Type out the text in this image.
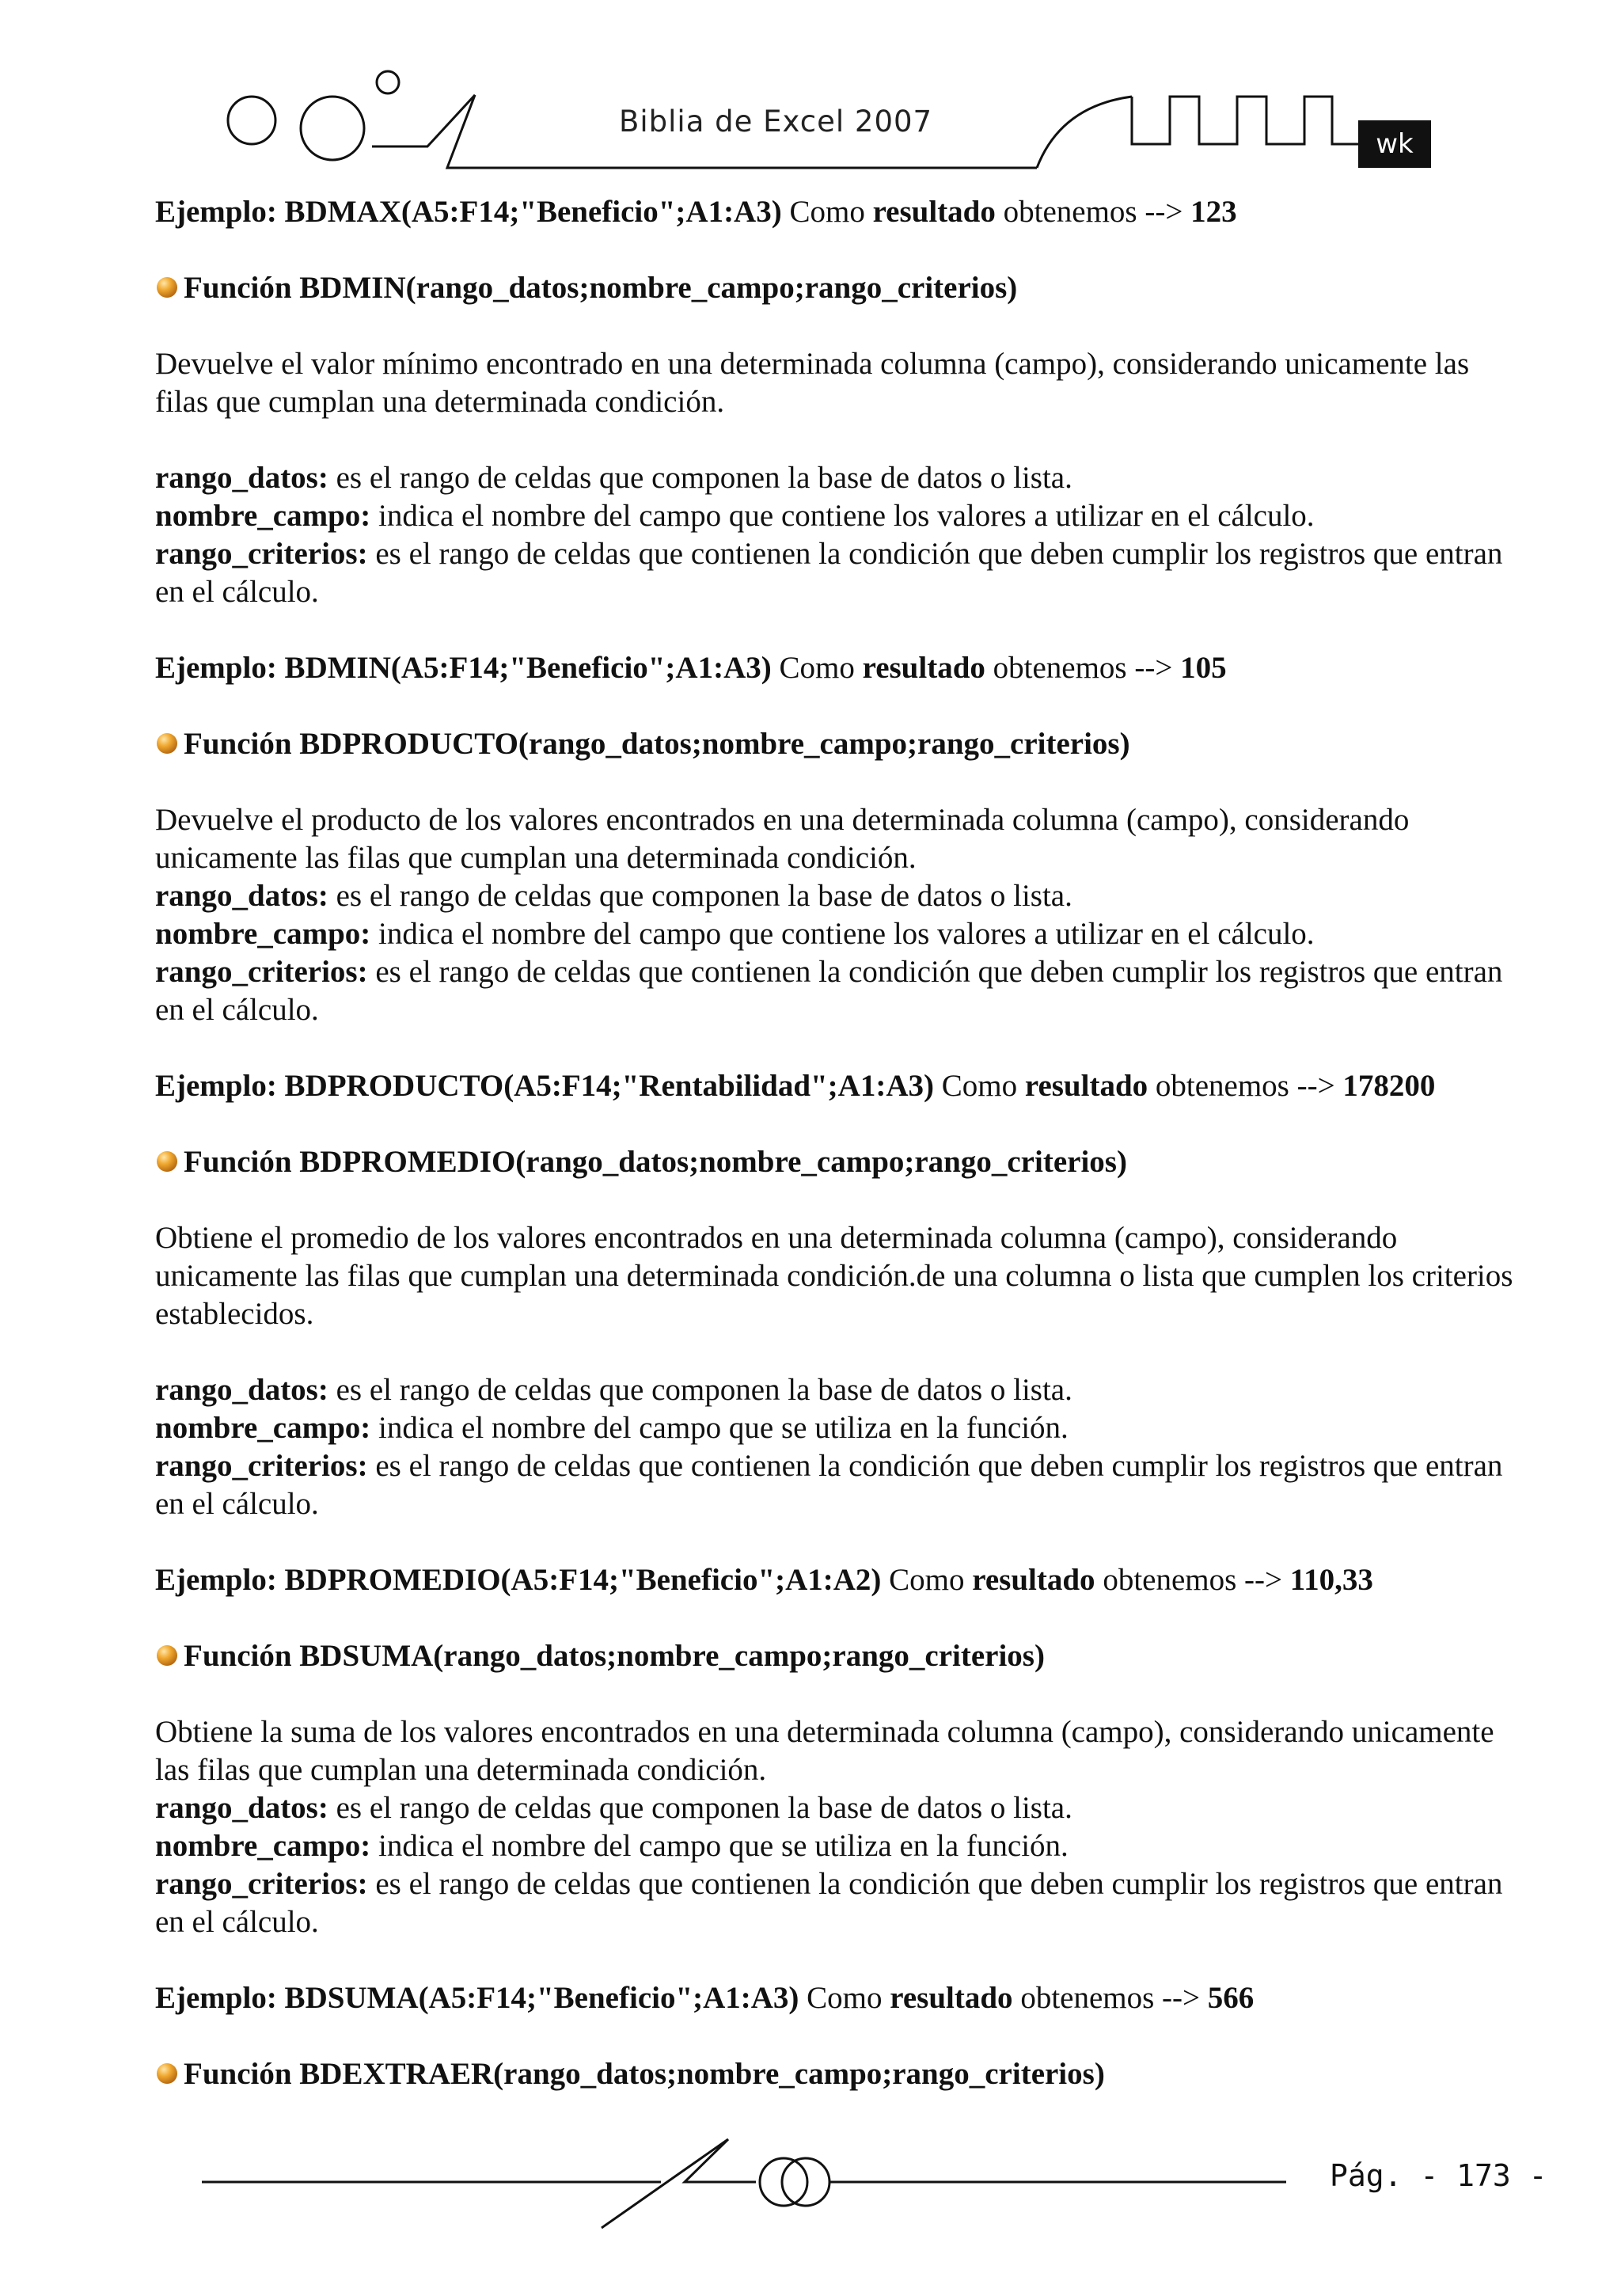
Biblia de Excel 2007
wk

Ejemplo: BDMAX(A5:F14;"Beneficio";A1:A3) Como resultado obtenemos --> 123

Función BDMIN(rango_datos;nombre_campo;rango_criterios)

Devuelve el valor mínimo encontrado en una determinada columna (campo), considerando unicamente las filas que cumplan una determinada condición.

rango_datos: es el rango de celdas que componen la base de datos o lista.

nombre_campo: indica el nombre del campo que contiene los valores a utilizar en el cálculo.

rango_criterios: es el rango de celdas que contienen la condición que deben cumplir los registros que entran en el cálculo.

Ejemplo: BDMIN(A5:F14;"Beneficio";A1:A3) Como resultado obtenemos --> 105

Función BDPRODUCTO(rango_datos;nombre_campo;rango_criterios)

Devuelve el producto de los valores encontrados en una determinada columna (campo), considerando unicamente las filas que cumplan una determinada condición.

rango_datos: es el rango de celdas que componen la base de datos o lista.

nombre_campo: indica el nombre del campo que contiene los valores a utilizar en el cálculo.

rango_criterios: es el rango de celdas que contienen la condición que deben cumplir los registros que entran en el cálculo.

Ejemplo: BDPRODUCTO(A5:F14;"Rentabilidad";A1:A3) Como resultado obtenemos --> 178200

Función BDPROMEDIO(rango_datos;nombre_campo;rango_criterios)

Obtiene el promedio de los valores encontrados en una determinada columna (campo), considerando unicamente las filas que cumplan una determinada condición.de una columna o lista que cumplen los criterios establecidos.

rango_datos: es el rango de celdas que componen la base de datos o lista.

nombre_campo: indica el nombre del campo que se utiliza en la función.

rango_criterios: es el rango de celdas que contienen la condición que deben cumplir los registros que entran en el cálculo.

Ejemplo: BDPROMEDIO(A5:F14;"Beneficio";A1:A2) Como resultado obtenemos --> 110,33

Función BDSUMA(rango_datos;nombre_campo;rango_criterios)

Obtiene la suma de los valores encontrados en una determinada columna (campo), considerando unicamente las filas que cumplan una determinada condición.

rango_datos: es el rango de celdas que componen la base de datos o lista.

nombre_campo: indica el nombre del campo que se utiliza en la función.

rango_criterios: es el rango de celdas que contienen la condición que deben cumplir los registros que entran en el cálculo.

Ejemplo: BDSUMA(A5:F14;"Beneficio";A1:A3) Como resultado obtenemos --> 566

Función BDEXTRAER(rango_datos;nombre_campo;rango_criterios)

Pág. - 173 -
